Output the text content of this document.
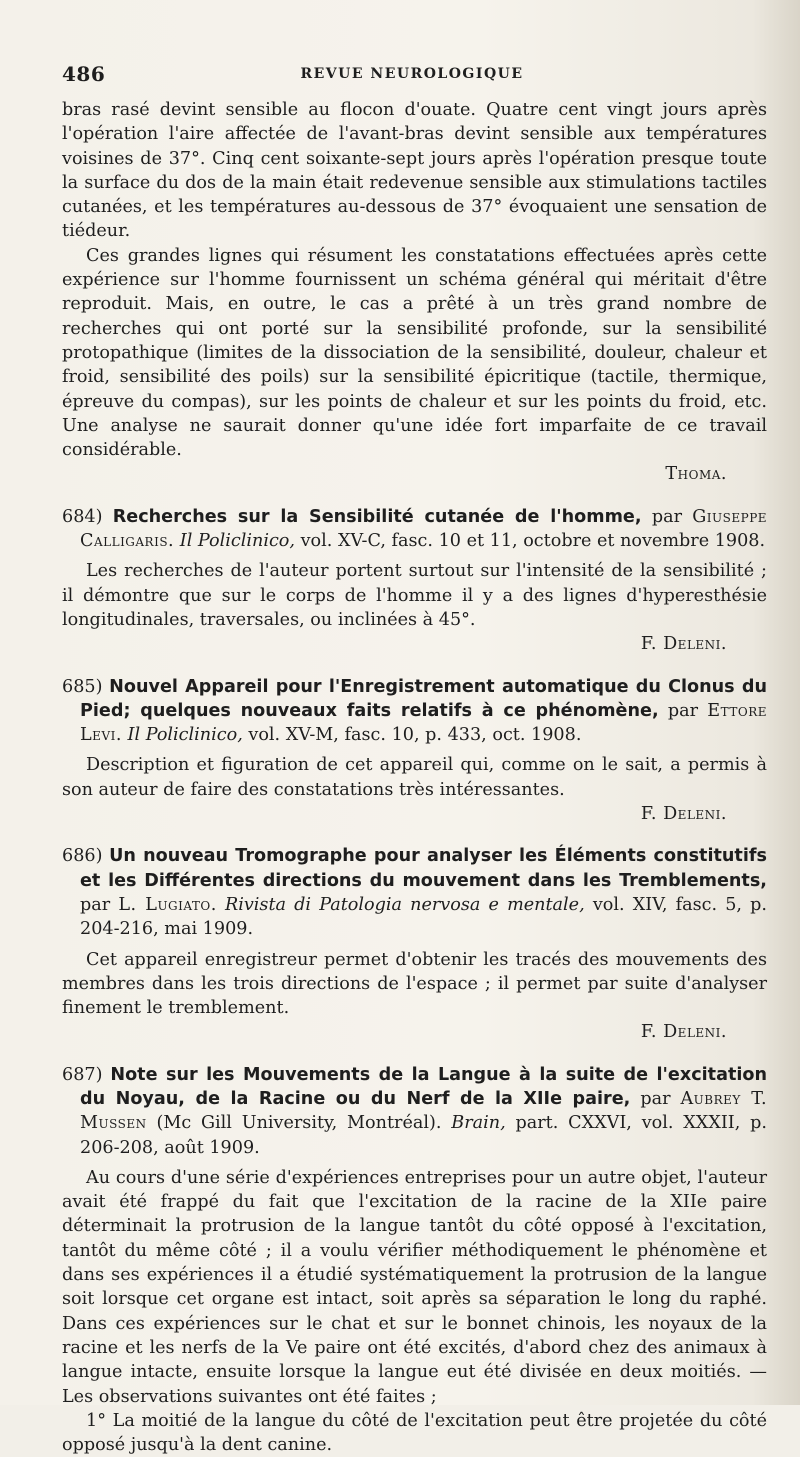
486	REVUE NEUROLOGIQUE

bras rasé devint sensible au flocon d'ouate. Quatre cent vingt jours après l'opération l'aire affectée de l'avant-bras devint sensible aux températures voisines de 37°. Cinq cent soixante-sept jours après l'opération presque toute la surface du dos de la main était redevenue sensible aux stimulations tactiles cutanées, et les températures au-dessous de 37° évoquaient une sensation de tiédeur.

Ces grandes lignes qui résument les constatations effectuées après cette expérience sur l'homme fournissent un schéma général qui méritait d'être reproduit. Mais, en outre, le cas a prêté à un très grand nombre de recherches qui ont porté sur la sensibilité profonde, sur la sensibilité protopathique (limites de la dissociation de la sensibilité, douleur, chaleur et froid, sensibilité des poils) sur la sensibilité épicritique (tactile, thermique, épreuve du compas), sur les points de chaleur et sur les points du froid, etc. Une analyse ne saurait donner qu'une idée fort imparfaite de ce travail considérable.

Thoma.

684) Recherches sur la Sensibilité cutanée de l'homme, par Giuseppe Calligaris. Il Policlinico, vol. XV-C, fasc. 10 et 11, octobre et novembre 1908.

Les recherches de l'auteur portent surtout sur l'intensité de la sensibilité ; il démontre que sur le corps de l'homme il y a des lignes d'hyperesthésie longitudinales, traversales, ou inclinées à 45°.

F. Deleni.

685) Nouvel Appareil pour l'Enregistrement automatique du Clonus du Pied; quelques nouveaux faits relatifs à ce phénomène, par Ettore Levi. Il Policlinico, vol. XV-M, fasc. 10, p. 433, oct. 1908.

Description et figuration de cet appareil qui, comme on le sait, a permis à son auteur de faire des constatations très intéressantes.

F. Deleni.

686) Un nouveau Tromographe pour analyser les Éléments constitutifs et les Différentes directions du mouvement dans les Tremblements, par L. Lugiato. Rivista di Patologia nervosa e mentale, vol. XIV, fasc. 5, p. 204-216, mai 1909.

Cet appareil enregistreur permet d'obtenir les tracés des mouvements des membres dans les trois directions de l'espace ; il permet par suite d'analyser finement le tremblement.

F. Deleni.

687) Note sur les Mouvements de la Langue à la suite de l'excitation du Noyau, de la Racine ou du Nerf de la XIIe paire, par Aubrey T. Mussen (Mc Gill University, Montréal). Brain, part. CXXVI, vol. XXXII, p. 206-208, août 1909.

Au cours d'une série d'expériences entreprises pour un autre objet, l'auteur avait été frappé du fait que l'excitation de la racine de la XIIe paire déterminait la protrusion de la langue tantôt du côté opposé à l'excitation, tantôt du même côté ; il a voulu vérifier méthodiquement le phénomène et dans ses expériences il a étudié systématiquement la protrusion de la langue soit lorsque cet organe est intact, soit après sa séparation le long du raphé. Dans ces expériences sur le chat et sur le bonnet chinois, les noyaux de la racine et les nerfs de la Ve paire ont été excités, d'abord chez des animaux à langue intacte, ensuite lorsque la langue eut été divisée en deux moitiés. — Les observations suivantes ont été faites ;

1° La moitié de la langue du côté de l'excitation peut être projetée du côté opposé jusqu'à la dent canine.
